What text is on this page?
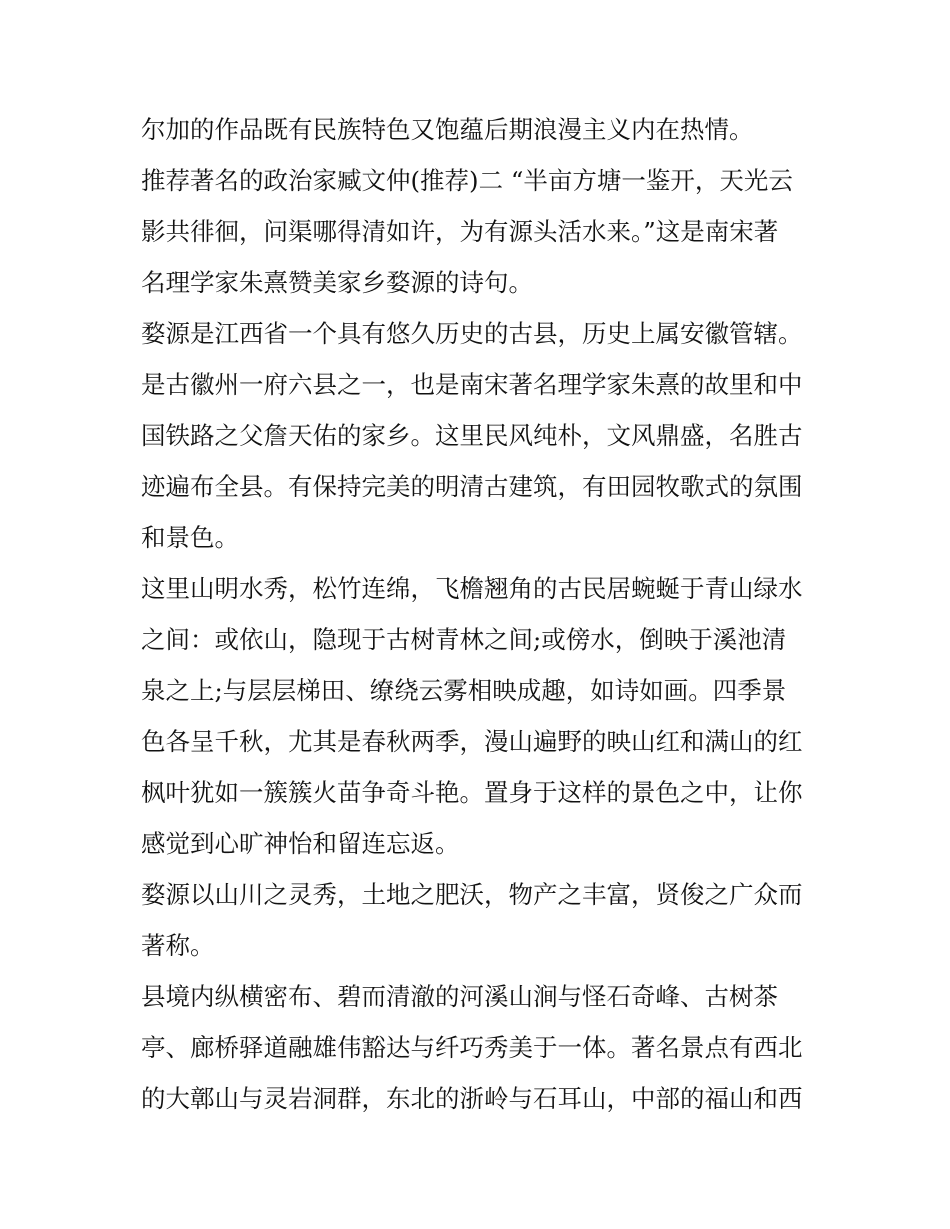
尔加的作品既有民族特色又饱蕴后期浪漫主义内在热情。
推荐著名的政治家臧文仲(推荐)二 “半亩方塘一鉴开，天光云
影共徘徊，问渠哪得清如许，为有源头活水来。”这是南宋著
名理学家朱熹赞美家乡婺源的诗句。
婺源是江西省一个具有悠久历史的古县，历史上属安徽管辖。
是古徽州一府六县之一，也是南宋著名理学家朱熹的故里和中
国铁路之父詹天佑的家乡。这里民风纯朴，文风鼎盛，名胜古
迹遍布全县。有保持完美的明清古建筑，有田园牧歌式的氛围
和景色。
这里山明水秀，松竹连绵，飞檐翘角的古民居蜿蜒于青山绿水
之间：或依山，隐现于古树青林之间;或傍水，倒映于溪池清
泉之上;与层层梯田、缭绕云雾相映成趣，如诗如画。四季景
色各呈千秋，尤其是春秋两季，漫山遍野的映山红和满山的红
枫叶犹如一簇簇火苗争奇斗艳。置身于这样的景色之中，让你
感觉到心旷神怡和留连忘返。
婺源以山川之灵秀，土地之肥沃，物产之丰富，贤俊之广众而
著称。
县境内纵横密布、碧而清澈的河溪山涧与怪石奇峰、古树茶
亭、廊桥驿道融雄伟豁达与纤巧秀美于一体。著名景点有西北
的大鄣山与灵岩洞群，东北的浙岭与石耳山，中部的福山和西
